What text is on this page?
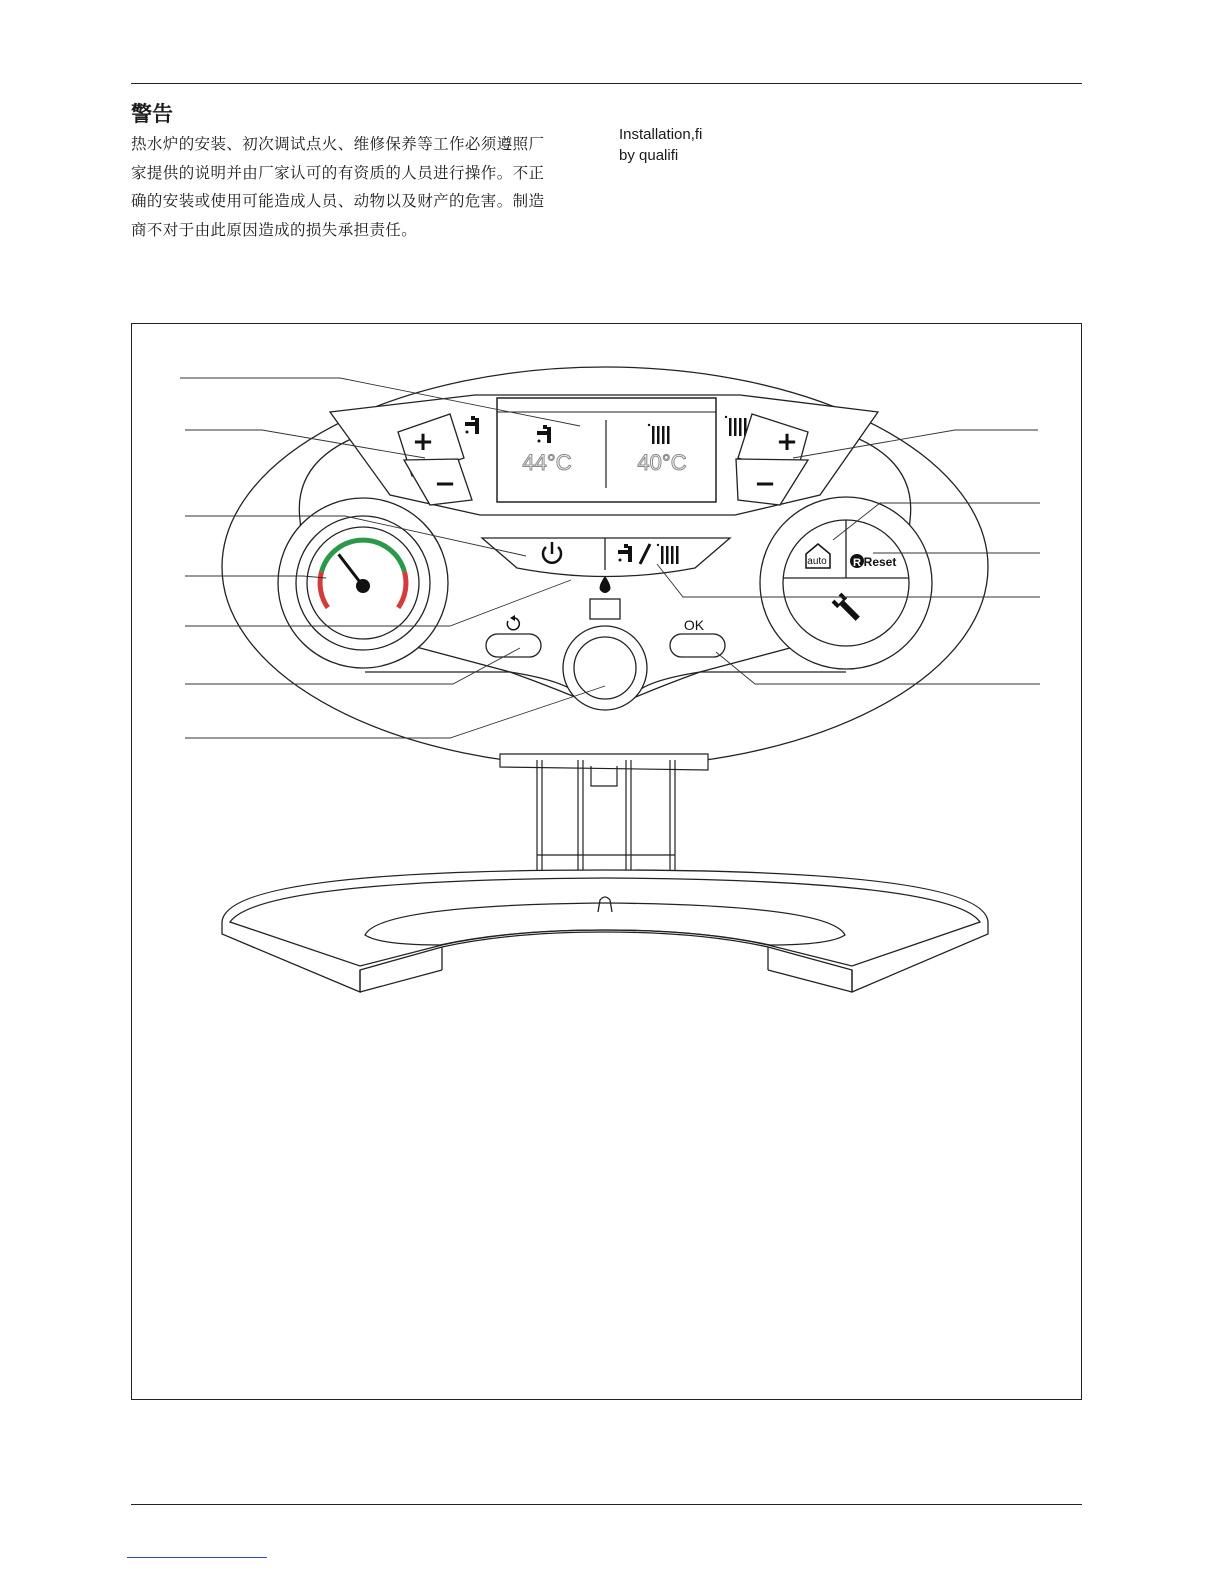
警告
热水炉的安装、初次调试点火、维修保养等工作必须遵照厂
家提供的说明并由厂家认可的有资质的人员进行操作。不正
确的安装或使用可能造成人员、动物以及财产的危害。制造
商不对于由此原因造成的损失承担责任。
Installation,fi
by qualifi
44°C	40°C
+
−
+
−
OK
auto R Reset
